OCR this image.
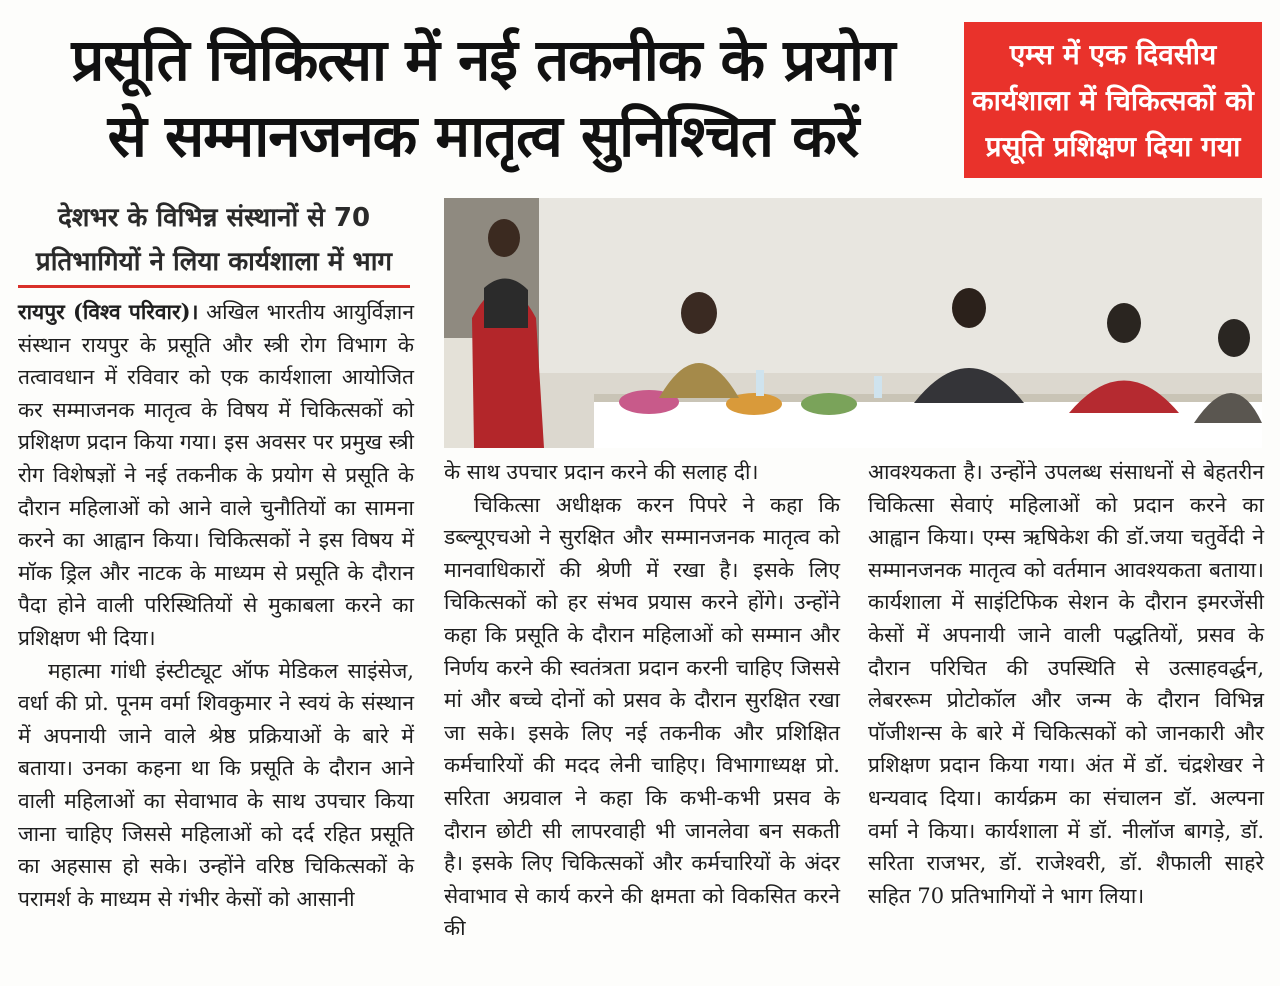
प्रसूति चिकित्सा में नई तकनीक के प्रयोग
से सम्मानजनक मातृत्व सुनिश्चित करें
एम्स में एक दिवसीय
कार्यशाला में चिकित्सकों को
प्रसूति प्रशिक्षण दिया गया
देशभर के विभिन्न संस्थानों से 70
प्रतिभागियों ने लिया कार्यशाला में भाग

रायपुर (विश्व परिवार)। अखिल भारतीय आयुर्विज्ञान संस्थान रायपुर के प्रसूति और स्त्री रोग विभाग के तत्वावधान में रविवार को एक कार्यशाला आयोजित कर सम्माजनक मातृत्व के विषय में चिकित्सकों को प्रशिक्षण प्रदान किया गया। इस अवसर पर प्रमुख स्त्री रोग विशेषज्ञों ने नई तकनीक के प्रयोग से प्रसूति के दौरान महिलाओं को आने वाले चुनौतियों का सामना करने का आह्वान किया। चिकित्सकों ने इस विषय में मॉक ड्रिल और नाटक के माध्यम से प्रसूति के दौरान पैदा होने वाली परिस्थितियों से मुकाबला करने का प्रशिक्षण भी दिया।

महात्मा गांधी इंस्टीट्यूट ऑफ मेडिकल साइंसेज, वर्धा की प्रो. पूनम वर्मा शिवकुमार ने स्वयं के संस्थान में अपनायी जाने वाले श्रेष्ठ प्रक्रियाओं के बारे में बताया। उनका कहना था कि प्रसूति के दौरान आने वाली महिलाओं का सेवाभाव के साथ उपचार किया जाना चाहिए जिससे महिलाओं को दर्द रहित प्रसूति का अहसास हो सके। उन्होंने वरिष्ठ चिकित्सकों के परामर्श के माध्यम से गंभीर केसों को आसानी

के साथ उपचार प्रदान करने की सलाह दी।

चिकित्सा अधीक्षक करन पिपरे ने कहा कि डब्ल्यूएचओ ने सुरक्षित और सम्मानजनक मातृत्व को मानवाधिकारों की श्रेणी में रखा है। इसके लिए चिकित्सकों को हर संभव प्रयास करने होंगे। उन्होंने कहा कि प्रसूति के दौरान महिलाओं को सम्मान और निर्णय करने की स्वतंत्रता प्रदान करनी चाहिए जिससे मां और बच्चे दोनों को प्रसव के दौरान सुरक्षित रखा जा सके। इसके लिए नई तकनीक और प्रशिक्षित कर्मचारियों की मदद लेनी चाहिए। विभागाध्यक्ष प्रो. सरिता अग्रवाल ने कहा कि कभी-कभी प्रसव के दौरान छोटी सी लापरवाही भी जानलेवा बन सकती है। इसके लिए चिकित्सकों और कर्मचारियों के अंदर सेवाभाव से कार्य करने की क्षमता को विकसित करने की

आवश्यकता है। उन्होंने उपलब्ध संसाधनों से बेहतरीन चिकित्सा सेवाएं महिलाओं को प्रदान करने का आह्वान किया। एम्स ऋषिकेश की डॉ.जया चतुर्वेदी ने सम्मानजनक मातृत्व को वर्तमान आवश्यकता बताया। कार्यशाला में साइंटिफिक सेशन के दौरान इमरजेंसी केसों में अपनायी जाने वाली पद्धतियों, प्रसव के दौरान परिचित की उपस्थिति से उत्साहवर्द्धन, लेबररूम प्रोटोकॉल और जन्म के दौरान विभिन्न पॉजीशन्स के बारे में चिकित्सकों को जानकारी और प्रशिक्षण प्रदान किया गया। अंत में डॉ. चंद्रशेखर ने धन्यवाद दिया। कार्यक्रम का संचालन डॉ. अल्पना वर्मा ने किया। कार्यशाला में डॉ. नीलॉज बागड़े, डॉ. सरिता राजभर, डॉ. राजेश्वरी, डॉ. शैफाली साहरे सहित 70 प्रतिभागियों ने भाग लिया।
